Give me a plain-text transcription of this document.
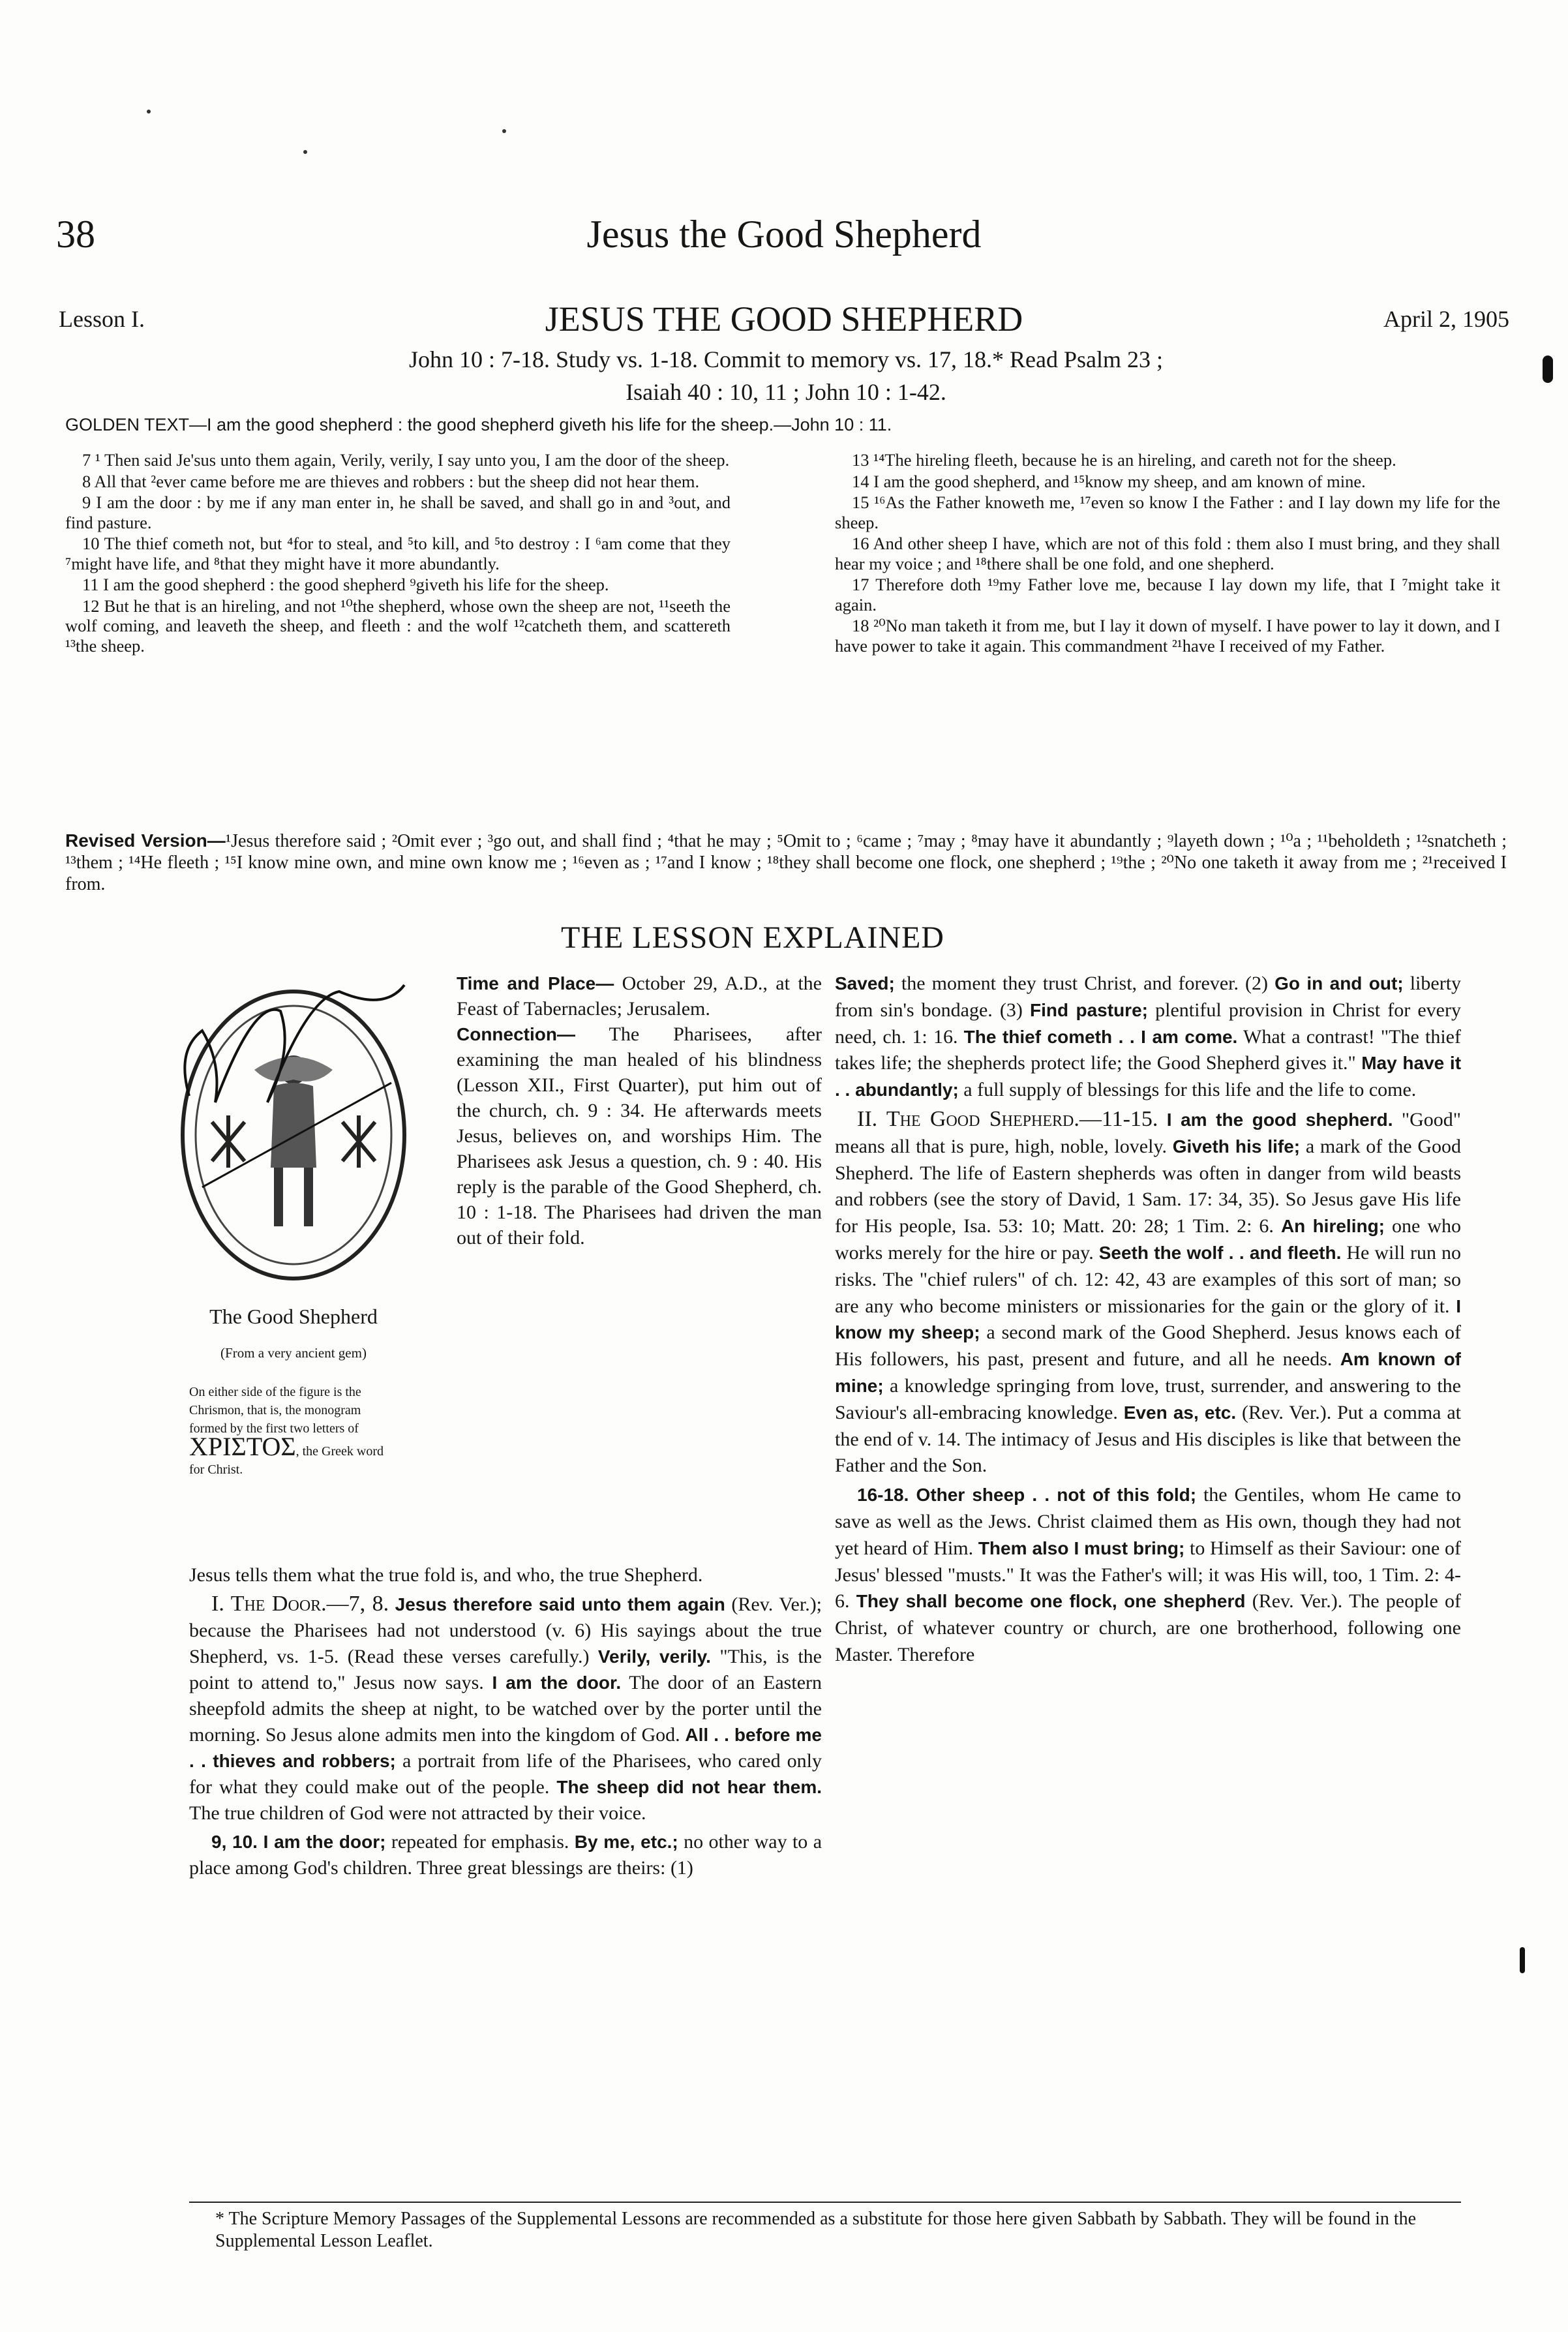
38	Jesus the Good Shepherd
Lesson I.	JESUS THE GOOD SHEPHERD	April 2, 1905
John 10 : 7-18. Study vs. 1-18. Commit to memory vs. 17, 18.* Read Psalm 23 ;
Isaiah 40 : 10, 11 ; John 10 : 1-42.
GOLDEN TEXT—I am the good shepherd : the good shepherd giveth his life for the sheep.—John 10 : 11.

7 ¹ Then said Je'sus unto them again, Verily, verily, I say unto you, I am the door of the sheep.

8 All that ²ever came before me are thieves and robbers : but the sheep did not hear them.

9 I am the door : by me if any man enter in, he shall be saved, and shall go in and ³out, and find pasture.

10 The thief cometh not, but ⁴for to steal, and ⁵to kill, and ⁵to destroy : I ⁶am come that they ⁷might have life, and ⁸that they might have it more abundantly.

11 I am the good shepherd : the good shepherd ⁹giveth his life for the sheep.

12 But he that is an hireling, and not ¹⁰the shepherd, whose own the sheep are not, ¹¹seeth the wolf coming, and leaveth the sheep, and fleeth : and the wolf ¹²catcheth them, and scattereth ¹³the sheep.

13 ¹⁴The hireling fleeth, because he is an hireling, and careth not for the sheep.

14 I am the good shepherd, and ¹⁵know my sheep, and am known of mine.

15 ¹⁶As the Father knoweth me, ¹⁷even so know I the Father : and I lay down my life for the sheep.

16 And other sheep I have, which are not of this fold : them also I must bring, and they shall hear my voice ; and ¹⁸there shall be one fold, and one shepherd.

17 Therefore doth ¹⁹my Father love me, because I lay down my life, that I ⁷might take it again.

18 ²⁰No man taketh it from me, but I lay it down of myself. I have power to lay it down, and I have power to take it again. This commandment ²¹have I received of my Father.

Revised Version—¹Jesus therefore said ; ²Omit ever ; ³go out, and shall find ; ⁴that he may ; ⁵Omit to ; ⁶came ; ⁷may ; ⁸may have it abundantly ; ⁹layeth down ; ¹⁰a ; ¹¹beholdeth ; ¹²snatcheth ; ¹³them ; ¹⁴He fleeth ; ¹⁵I know mine own, and mine own know me ; ¹⁶even as ; ¹⁷and I know ; ¹⁸they shall become one flock, one shepherd ; ¹⁹the ; ²⁰No one taketh it away from me ; ²¹received I from.
THE LESSON EXPLAINED
The Good Shepherd
(From a very ancient gem)
On either side of the figure is the Chrismon, that is, the monogram formed by the first two letters of ΧΡΙΣΤΟΣ, the Greek word for Christ.

Time and Place— October 29, A.D., at the Feast of Tabernacles; Jerusalem.

Connection— The Pharisees, after examining the man healed of his blindness (Lesson XII., First Quarter), put him out of the church, ch. 9 : 34. He afterwards meets Jesus, believes on, and worships Him. The Pharisees ask Jesus a question, ch. 9 : 40. His reply is the parable of the Good Shepherd, ch. 10 : 1-18. The Pharisees had driven the man out of their fold.

Jesus tells them what the true fold is, and who, the true Shepherd.

I. The Door.—7, 8. Jesus therefore said unto them again (Rev. Ver.); because the Pharisees had not understood (v. 6) His sayings about the true Shepherd, vs. 1-5. (Read these verses carefully.) Verily, verily. "This, is the point to attend to," Jesus now says. I am the door. The door of an Eastern sheepfold admits the sheep at night, to be watched over by the porter until the morning. So Jesus alone admits men into the kingdom of God. All . . before me . . thieves and robbers; a portrait from life of the Pharisees, who cared only for what they could make out of the people. The sheep did not hear them. The true children of God were not attracted by their voice.

9, 10. I am the door; repeated for emphasis. By me, etc.; no other way to a place among God's children. Three great blessings are theirs: (1)

Saved; the moment they trust Christ, and forever. (2) Go in and out; liberty from sin's bondage. (3) Find pasture; plentiful provision in Christ for every need, ch. 1: 16. The thief cometh . . I am come. What a contrast! "The thief takes life; the shepherds protect life; the Good Shepherd gives it." May have it . . abundantly; a full supply of blessings for this life and the life to come.

II. The Good Shepherd.—11-15. I am the good shepherd. "Good" means all that is pure, high, noble, lovely. Giveth his life; a mark of the Good Shepherd. The life of Eastern shepherds was often in danger from wild beasts and robbers (see the story of David, 1 Sam. 17: 34, 35). So Jesus gave His life for His people, Isa. 53: 10; Matt. 20: 28; 1 Tim. 2: 6. An hireling; one who works merely for the hire or pay. Seeth the wolf . . and fleeth. He will run no risks. The "chief rulers" of ch. 12: 42, 43 are examples of this sort of man; so are any who become ministers or missionaries for the gain or the glory of it. I know my sheep; a second mark of the Good Shepherd. Jesus knows each of His followers, his past, present and future, and all he needs. Am known of mine; a knowledge springing from love, trust, surrender, and answering to the Saviour's all-embracing knowledge. Even as, etc. (Rev. Ver.). Put a comma at the end of v. 14. The intimacy of Jesus and His disciples is like that between the Father and the Son.

16-18. Other sheep . . not of this fold; the Gentiles, whom He came to save as well as the Jews. Christ claimed them as His own, though they had not yet heard of Him. Them also I must bring; to Himself as their Saviour: one of Jesus' blessed "musts." It was the Father's will; it was His will, too, 1 Tim. 2: 4-6. They shall become one flock, one shepherd (Rev. Ver.). The people of Christ, of whatever country or church, are one brotherhood, following one Master. Therefore

* The Scripture Memory Passages of the Supplemental Lessons are recommended as a substitute for those here given Sabbath by Sabbath. They will be found in the Supplemental Lesson Leaflet.
